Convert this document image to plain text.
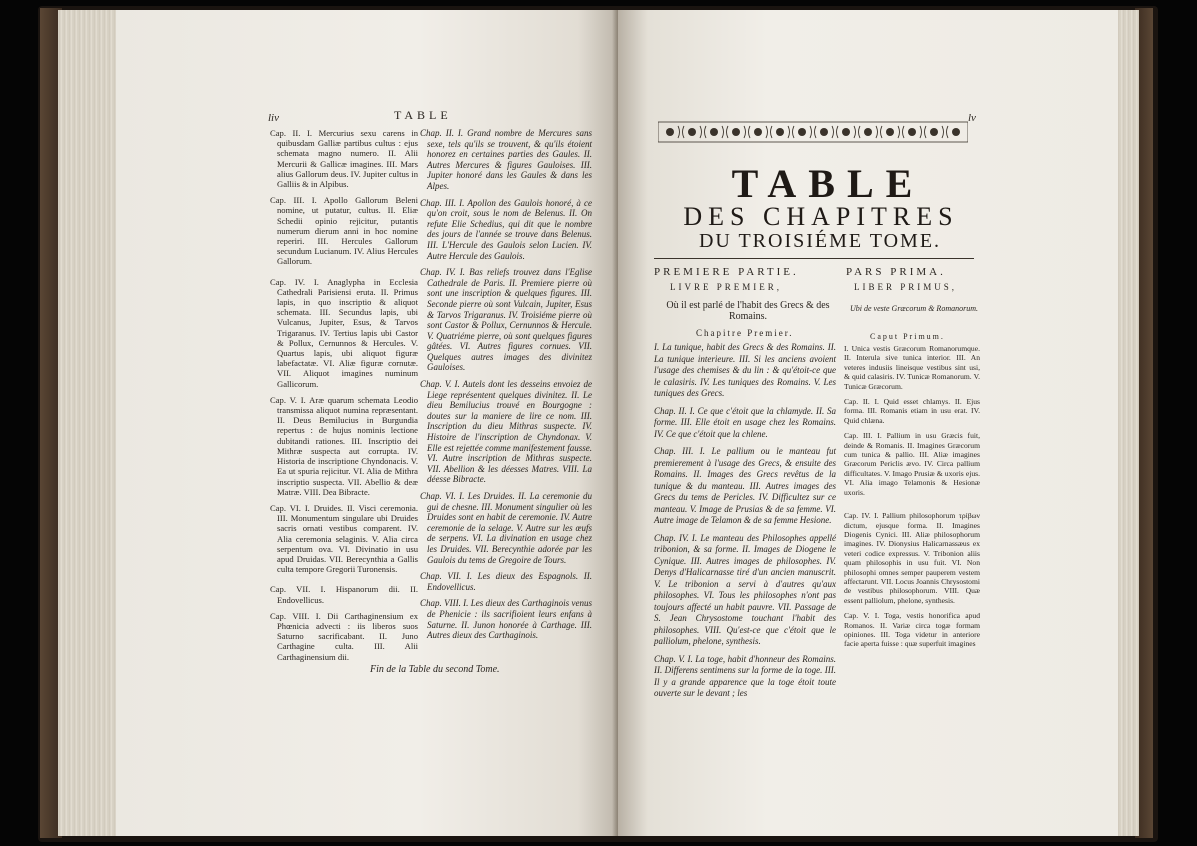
liv	TABLE

Cap. II. I. Mercurius sexu carens in quibusdam Galliæ partibus cultus : ejus schemata magno numero. II. Alii Mercurii & Gallicæ imagines. III. Mars alius Gallorum deus. IV. Jupiter cultus in Galliis & in Alpibus.

Cap. III. I. Apollo Gallorum Beleni nomine, ut putatur, cultus. II. Eliæ Schedii opinio rejicitur, putantis numerum dierum anni in hoc nomine reperiri. III. Hercules Gallorum secundum Lucianum. IV. Alius Hercules Gallorum.

Cap. IV. I. Anaglypha in Ecclesia Cathedrali Parisiensi eruta. II. Primus lapis, in quo inscriptio & aliquot schemata. III. Secundus lapis, ubi Vulcanus, Jupiter, Esus, & Tarvos Trigaranus. IV. Tertius lapis ubi Castor & Pollux, Cernunnos & Hercules. V. Quartus lapis, ubi aliquot figuræ labefactatæ. VI. Aliæ figuræ cornutæ. VII. Aliquot imagines numinum Gallicorum.

Cap. V. I. Aræ quarum schemata Leodio transmissa aliquot numina repræsentant. II. Deus Bemilucius in Burgundia repertus : de hujus nominis lectione dubitandi rationes. III. Inscriptio dei Mithræ suspecta aut corrupta. IV. Historia de inscriptione Chyndonacis. V. Ea ut spuria rejicitur. VI. Alia de Mithra inscriptio suspecta. VII. Abellio & deæ Matræ. VIII. Dea Bibracte.

Cap. VI. I. Druides. II. Visci ceremonia. III. Monumentum singulare ubi Druides sacris ornati vestibus comparent. IV. Alia ceremonia selaginis. V. Alia circa serpentum ova. VI. Divinatio in usu apud Druidas. VII. Berecynthia a Gallis culta tempore Gregorii Turonensis.

Cap. VII. I. Hispanorum dii. II. Endovellicus.

Cap. VIII. I. Dii Carthaginensium ex Phœnicia advecti : iis liberos suos Saturno sacrificabant. II. Juno Carthagine culta. III. Alii Carthaginensium dii.

Chap. II. I. Grand nombre de Mercures sans sexe, tels qu'ils se trouvent, & qu'ils étoient honorez en certaines parties des Gaules. II. Autres Mercures & figures Gauloises. III. Jupiter honoré dans les Gaules & dans les Alpes.

Chap. III. I. Apollon des Gaulois honoré, à ce qu'on croit, sous le nom de Belenus. II. On refute Elie Schedius, qui dit que le nombre des jours de l'année se trouve dans Belenus. III. L'Hercule des Gaulois selon Lucien. IV. Autre Hercule des Gaulois.

Chap. IV. I. Bas reliefs trouvez dans l'Eglise Cathedrale de Paris. II. Premiere pierre où sont une inscription & quelques figures. III. Seconde pierre où sont Vulcain, Jupiter, Esus & Tarvos Trigaranus. IV. Troisiéme pierre où sont Castor & Pollux, Cernunnos & Hercule. V. Quatriéme pierre, où sont quelques figures gâtées. VI. Autres figures cornues. VII. Quelques autres images des divinitez Gauloises.

Chap. V. I. Autels dont les desseins envoiez de Liege représentent quelques divinitez. II. Le dieu Bemilucius trouvé en Bourgogne : doutes sur la maniere de lire ce nom. III. Inscription du dieu Mithras suspecte. IV. Histoire de l'inscription de Chyndonax. V. Elle est rejettée comme manifestement fausse. VI. Autre inscription de Mithras suspecte. VII. Abellion & les déesses Matres. VIII. La déesse Bibracte.

Chap. VI. I. Les Druides. II. La ceremonie du gui de chesne. III. Monument singulier où les Druides sont en habit de ceremonie. IV. Autre ceremonie de la selage. V. Autre sur les œufs de serpens. VI. La divination en usage chez les Druides. VII. Berecynthie adorée par les Gaulois du tems de Gregoire de Tours.

Chap. VII. I. Les dieux des Espagnols. II. Endovellicus.

Chap. VIII. I. Les dieux des Carthaginois venus de Phenicie : ils sacrifioient leurs enfans à Saturne. II. Junon honorée à Carthage. III. Autres dieux des Carthaginois.

Fin de la Table du second Tome.
lv
TABLE
DES CHAPITRES
DU TROISIÉME TOME.
PREMIERE PARTIE.	PARS PRIMA.
LIVRE PREMIER,	LIBER PRIMUS,
Où il est parlé de l'habit des Grecs & des Romains.
Ubi de veste Græcorum & Romanorum.
Chapitre Premier.	Caput Primum.

I. La tunique, habit des Grecs & des Romains. II. La tunique interieure. III. Si les anciens avoient l'usage des chemises & du lin : & qu'étoit-ce que le calasiris. IV. Les tuniques des Romains. V. Les tuniques des Grecs.

Chap. II. I. Ce que c'étoit que la chlamyde. II. Sa forme. III. Elle étoit en usage chez les Romains. IV. Ce que c'étoit que la chlene.

Chap. III. I. Le pallium ou le manteau fut premierement à l'usage des Grecs, & ensuite des Romains. II. Images des Grecs revêtus de la tunique & du manteau. III. Autres images des Grecs du tems de Pericles. IV. Difficultez sur ce manteau. V. Image de Prusias & de sa femme. VI. Autre image de Telamon & de sa femme Hesione.

Chap. IV. I. Le manteau des Philosophes appellé tribonion, & sa forme. II. Images de Diogene le Cynique. III. Autres images de philosophes. IV. Denys d'Halicarnasse tiré d'un ancien manuscrit. V. Le tribonion a servi à d'autres qu'aux philosophes. VI. Tous les philosophes n'ont pas toujours affecté un habit pauvre. VII. Passage de S. Jean Chrysostome touchant l'habit des philosophes. VIII. Qu'est-ce que c'étoit que le palliolum, phelone, synthesis.

Chap. V. I. La toge, habit d'honneur des Romains. II. Differens sentimens sur la forme de la toge. III. Il y a grande apparence que la toge étoit toute ouverte sur le devant ; les

I. Unica vestis Græcorum Romanorumque. II. Interula sive tunica interior. III. An veteres indusiis lineisque vestibus sint usi, & quid calasiris. IV. Tunicæ Romanorum. V. Tunicæ Græcorum.

Cap. II. I. Quid esset chlamys. II. Ejus forma. III. Romanis etiam in usu erat. IV. Quid chlæna.

Cap. III. I. Pallium in usu Græcis fuit, deinde & Romanis. II. Imagines Græcorum cum tunica & pallio. III. Aliæ imagines Græcorum Periclis ævo. IV. Circa pallium difficultates. V. Imago Prusiæ & uxoris ejus. VI. Alia imago Telamonis & Hesionæ uxoris.

Cap. IV. I. Pallium philosophorum τρίβων dictum, ejusque forma. II. Imagines Diogenis Cynici. III. Aliæ philosophorum imagines. IV. Dionysius Halicarnassæus ex veteri codice expressus. V. Tribonion aliis quam philosophis in usu fuit. VI. Non philosophi omnes semper pauperem vestem affectarunt. VII. Locus Joannis Chrysostomi de vestibus philosophorum. VIII. Quæ essent palliolum, phelone, synthesis.

Cap. V. I. Toga, vestis honorifica apud Romanos. II. Variæ circa togæ formam opiniones. III. Toga videtur in anteriore facie aperta fuisse : quæ superfuit imagines
